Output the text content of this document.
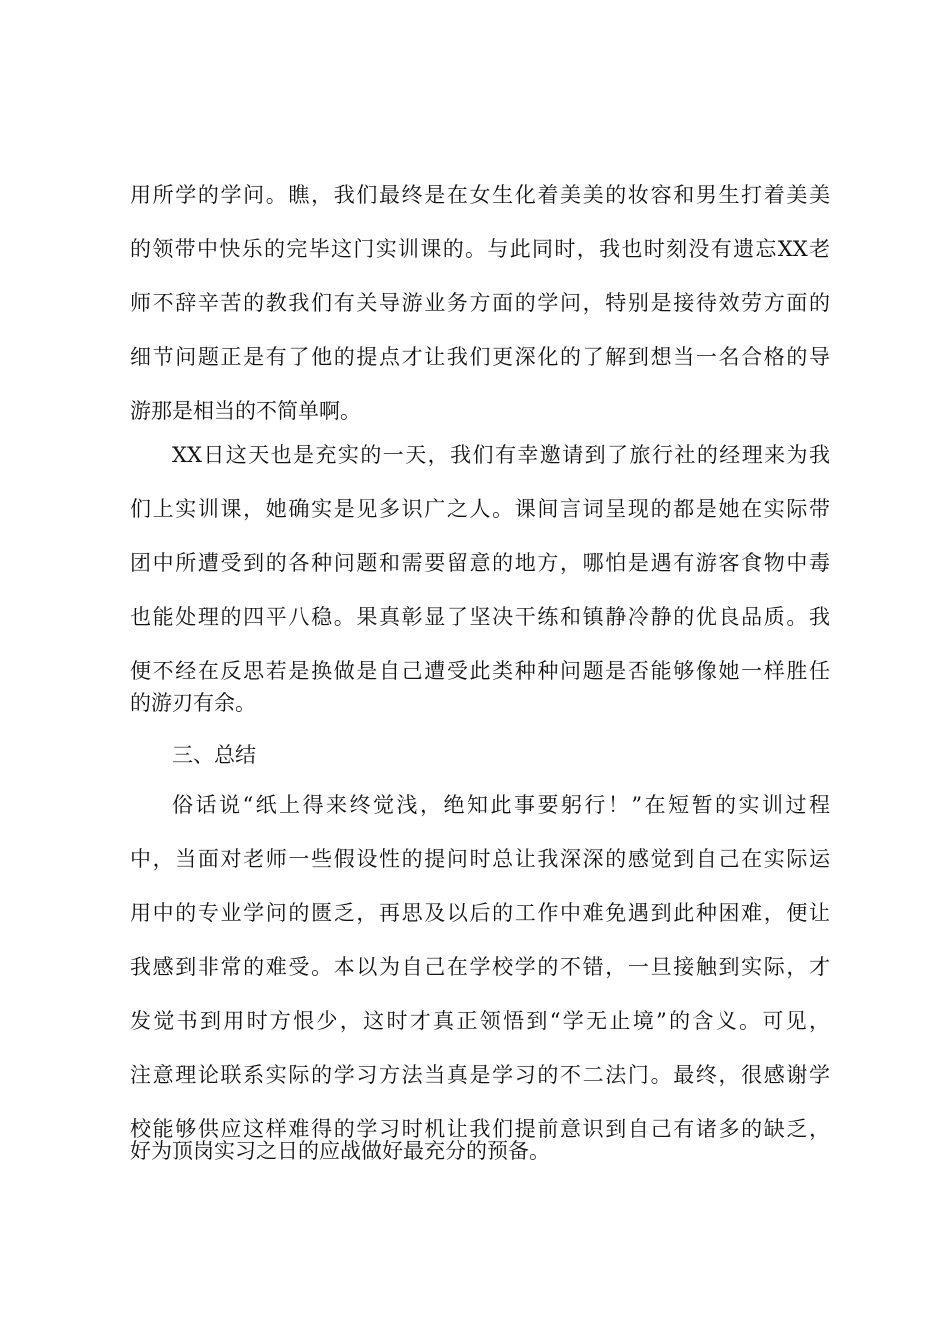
用所学的学问。瞧，我们最终是在女生化着美美的妆容和男生打着美美
的领带中快乐的完毕这门实训课的。与此同时，我也时刻没有遗忘XX老
师不辞辛苦的教我们有关导游业务方面的学问，特别是接待效劳方面的
细节问题正是有了他的提点才让我们更深化的了解到想当一名合格的导
游那是相当的不简单啊。
XX日这天也是充实的一天，我们有幸邀请到了旅行社的经理来为我
们上实训课，她确实是见多识广之人。课间言词呈现的都是她在实际带
团中所遭受到的各种问题和需要留意的地方，哪怕是遇有游客食物中毒
也能处理的四平八稳。果真彰显了坚决干练和镇静冷静的优良品质。我
便不经在反思若是换做是自己遭受此类种种问题是否能够像她一样胜任
的游刃有余。
三、总结
俗话说“纸上得来终觉浅，绝知此事要躬行！”在短暂的实训过程
中，当面对老师一些假设性的提问时总让我深深的感觉到自己在实际运
用中的专业学问的匮乏，再思及以后的工作中难免遇到此种困难，便让
我感到非常的难受。本以为自己在学校学的不错，一旦接触到实际，才
发觉书到用时方恨少，这时才真正领悟到“学无止境”的含义。可见，
注意理论联系实际的学习方法当真是学习的不二法门。最终，很感谢学
校能够供应这样难得的学习时机让我们提前意识到自己有诸多的缺乏，
好为顶岗实习之日的应战做好最充分的预备。
